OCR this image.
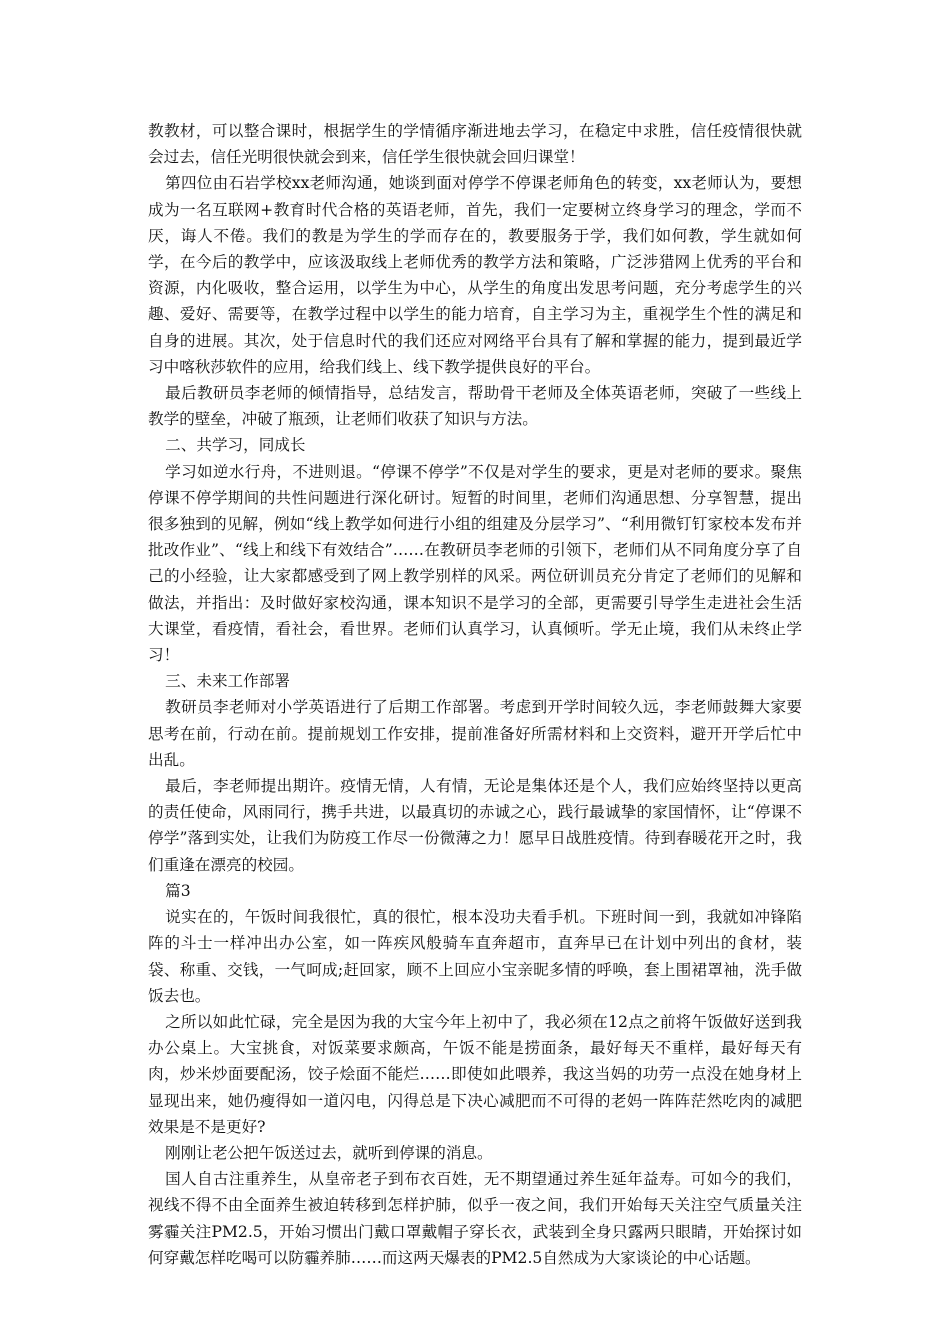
教教材，可以整合课时，根据学生的学情循序渐进地去学习，在稳定中求胜，信任疫情很快就会过去，信任光明很快就会到来，信任学生很快就会回归课堂！

第四位由石岩学校xx老师沟通，她谈到面对停学不停课老师角色的转变，xx老师认为，要想成为一名互联网+教育时代合格的英语老师，首先，我们一定要树立终身学习的理念，学而不厌，诲人不倦。我们的教是为学生的学而存在的，教要服务于学，我们如何教，学生就如何学，在今后的教学中，应该汲取线上老师优秀的教学方法和策略，广泛涉猎网上优秀的平台和资源，内化吸收，整合运用，以学生为中心，从学生的角度出发思考问题，充分考虑学生的兴趣、爱好、需要等，在教学过程中以学生的能力培育，自主学习为主，重视学生个性的满足和自身的进展。其次，处于信息时代的我们还应对网络平台具有了解和掌握的能力，提到最近学习中喀秋莎软件的应用，给我们线上、线下教学提供良好的平台。

最后教研员李老师的倾情指导，总结发言，帮助骨干老师及全体英语老师，突破了一些线上教学的壁垒，冲破了瓶颈，让老师们收获了知识与方法。

二、共学习，同成长

学习如逆水行舟，不进则退。“停课不停学”不仅是对学生的要求，更是对老师的要求。聚焦停课不停学期间的共性问题进行深化研讨。短暂的时间里，老师们沟通思想、分享智慧，提出很多独到的见解，例如“线上教学如何进行小组的组建及分层学习”、“利用微钉钉家校本发布并批改作业”、“线上和线下有效结合”……在教研员李老师的引领下，老师们从不同角度分享了自己的小经验，让大家都感受到了网上教学别样的风采。两位研训员充分肯定了老师们的见解和做法，并指出：及时做好家校沟通，课本知识不是学习的全部，更需要引导学生走进社会生活大课堂，看疫情，看社会，看世界。老师们认真学习，认真倾听。学无止境，我们从未终止学习！

三、未来工作部署

教研员李老师对小学英语进行了后期工作部署。考虑到开学时间较久远，李老师鼓舞大家要思考在前，行动在前。提前规划工作安排，提前准备好所需材料和上交资料，避开开学后忙中出乱。

最后，李老师提出期许。疫情无情，人有情，无论是集体还是个人，我们应始终坚持以更高的责任使命，风雨同行，携手共进，以最真切的赤诚之心，践行最诚挚的家国情怀，让“停课不停学”落到实处，让我们为防疫工作尽一份微薄之力！愿早日战胜疫情。待到春暖花开之时，我们重逢在漂亮的校园。

篇3

说实在的，午饭时间我很忙，真的很忙，根本没功夫看手机。下班时间一到，我就如冲锋陷阵的斗士一样冲出办公室，如一阵疾风般骑车直奔超市，直奔早已在计划中列出的食材，装袋、称重、交钱，一气呵成;赶回家，顾不上回应小宝亲昵多情的呼唤，套上围裙罩袖，洗手做饭去也。

之所以如此忙碌，完全是因为我的大宝今年上初中了，我必须在12点之前将午饭做好送到我办公桌上。大宝挑食，对饭菜要求颇高，午饭不能是捞面条，最好每天不重样，最好每天有肉，炒米炒面要配汤，饺子烩面不能烂……即使如此喂养，我这当妈的功劳一点没在她身材上显现出来，她仍瘦得如一道闪电，闪得总是下决心减肥而不可得的老妈一阵阵茫然吃肉的减肥效果是不是更好?

刚刚让老公把午饭送过去，就听到停课的消息。

国人自古注重养生，从皇帝老子到布衣百姓，无不期望通过养生延年益寿。可如今的我们，视线不得不由全面养生被迫转移到怎样护肺，似乎一夜之间，我们开始每天关注空气质量关注雾霾关注PM2.5，开始习惯出门戴口罩戴帽子穿长衣，武装到全身只露两只眼睛，开始探讨如何穿戴怎样吃喝可以防霾养肺……而这两天爆表的PM2.5自然成为大家谈论的中心话题。
